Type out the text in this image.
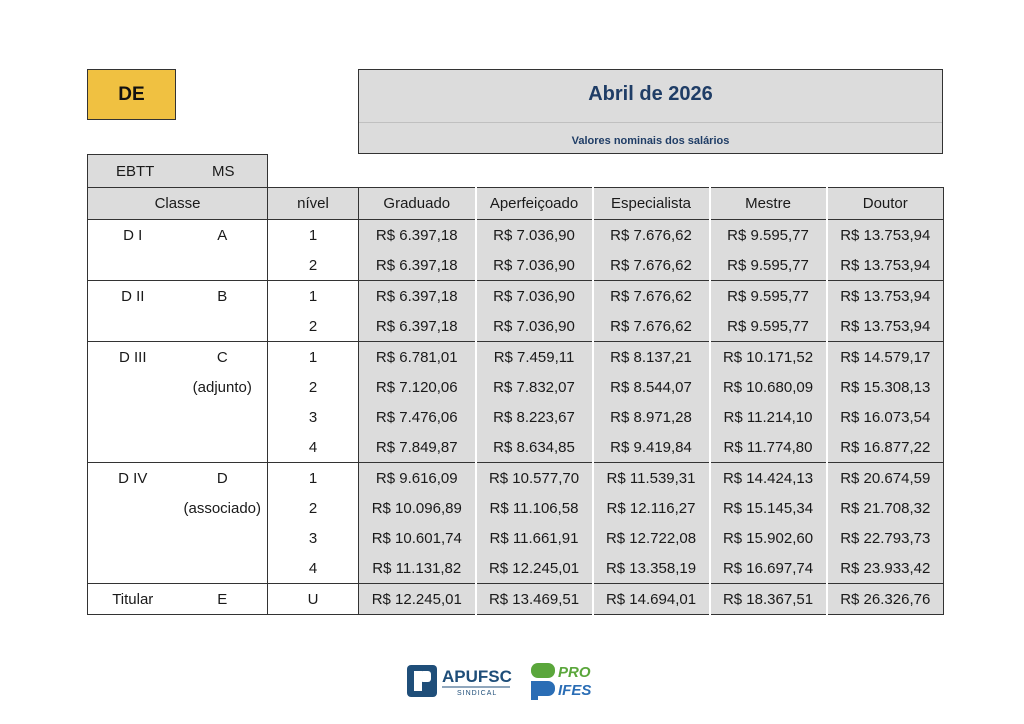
DE	Abril de 2026
Valores nominais dos salários
EBTT	MS
Classe		nível	Graduado	Aperfeiçoado	Especialista	Mestre	Doutor
D I	A	1	R$ 6.397,18	R$ 7.036,90	R$ 7.676,62	R$ 9.595,77	R$ 13.753,94
		2	R$ 6.397,18	R$ 7.036,90	R$ 7.676,62	R$ 9.595,77	R$ 13.753,94
D II	B	1	R$ 6.397,18	R$ 7.036,90	R$ 7.676,62	R$ 9.595,77	R$ 13.753,94
		2	R$ 6.397,18	R$ 7.036,90	R$ 7.676,62	R$ 9.595,77	R$ 13.753,94
D III	C	1	R$ 6.781,01	R$ 7.459,11	R$ 8.137,21	R$ 10.171,52	R$ 14.579,17
	(adjunto)	2	R$ 7.120,06	R$ 7.832,07	R$ 8.544,07	R$ 10.680,09	R$ 15.308,13
		3	R$ 7.476,06	R$ 8.223,67	R$ 8.971,28	R$ 11.214,10	R$ 16.073,54
		4	R$ 7.849,87	R$ 8.634,85	R$ 9.419,84	R$ 11.774,80	R$ 16.877,22
D IV	D	1	R$ 9.616,09	R$ 10.577,70	R$ 11.539,31	R$ 14.424,13	R$ 20.674,59
	(associado)	2	R$ 10.096,89	R$ 11.106,58	R$ 12.116,27	R$ 15.145,34	R$ 21.708,32
		3	R$ 10.601,74	R$ 11.661,91	R$ 12.722,08	R$ 15.902,60	R$ 22.793,73
		4	R$ 11.131,82	R$ 12.245,01	R$ 13.358,19	R$ 16.697,74	R$ 23.933,42
Titular	E	U	R$ 12.245,01	R$ 13.469,51	R$ 14.694,01	R$ 18.367,51	R$ 26.326,76
APUFSC
SINDICAL
PRO
IFES
